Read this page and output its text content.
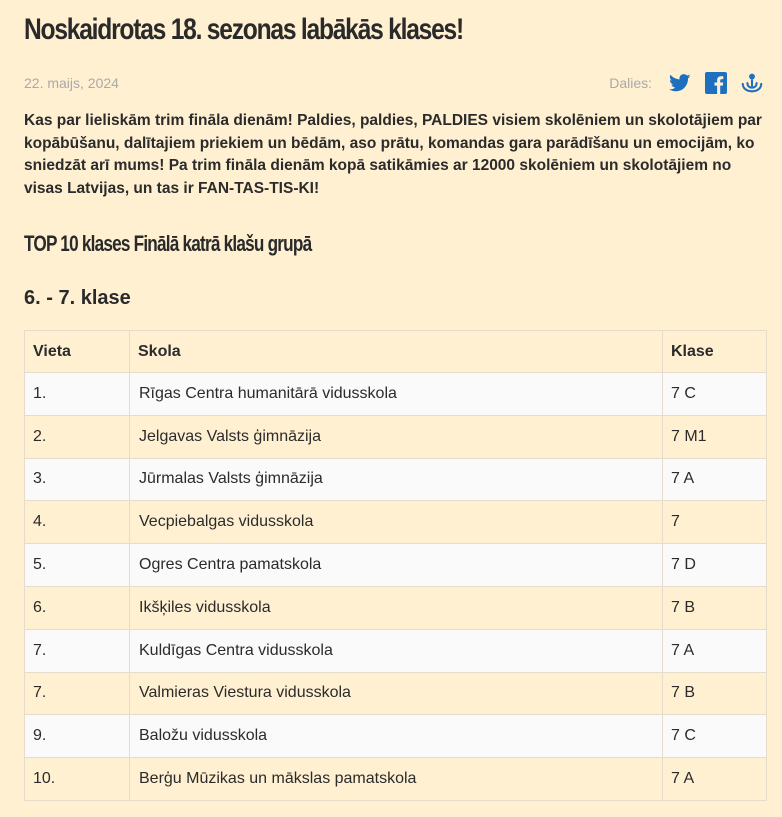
Noskaidrotas 18. sezonas labākās klases!
22. maijs, 2024	Dalies:

Kas par lieliskām trim fināla dienām! Paldies, paldies, PALDIES visiem skolēniem un skolotājiem par kopābūšanu, dalītajiem priekiem un bēdām, aso prātu, komandas gara parādīšanu un emocijām, ko sniedzāt arī mums! Pa trim fināla dienām kopā satikāmies ar 12000 skolēniem un skolotājiem no visas Latvijas, un tas ir FAN-TAS-TIS-KI!

TOP 10 klases Finālā katrā klašu grupā
6. - 7. klase
Vieta	Skola	Klase
1.	Rīgas Centra humanitārā vidusskola	7 C
2.	Jelgavas Valsts ģimnāzija	7 M1
3.	Jūrmalas Valsts ģimnāzija	7 A
4.	Vecpiebalgas vidusskola	7
5.	Ogres Centra pamatskola	7 D
6.	Ikšķiles vidusskola	7 B
7.	Kuldīgas Centra vidusskola	7 A
7.	Valmieras Viestura vidusskola	7 B
9.	Baložu vidusskola	7 C
10.	Berģu Mūzikas un mākslas pamatskola	7 A
